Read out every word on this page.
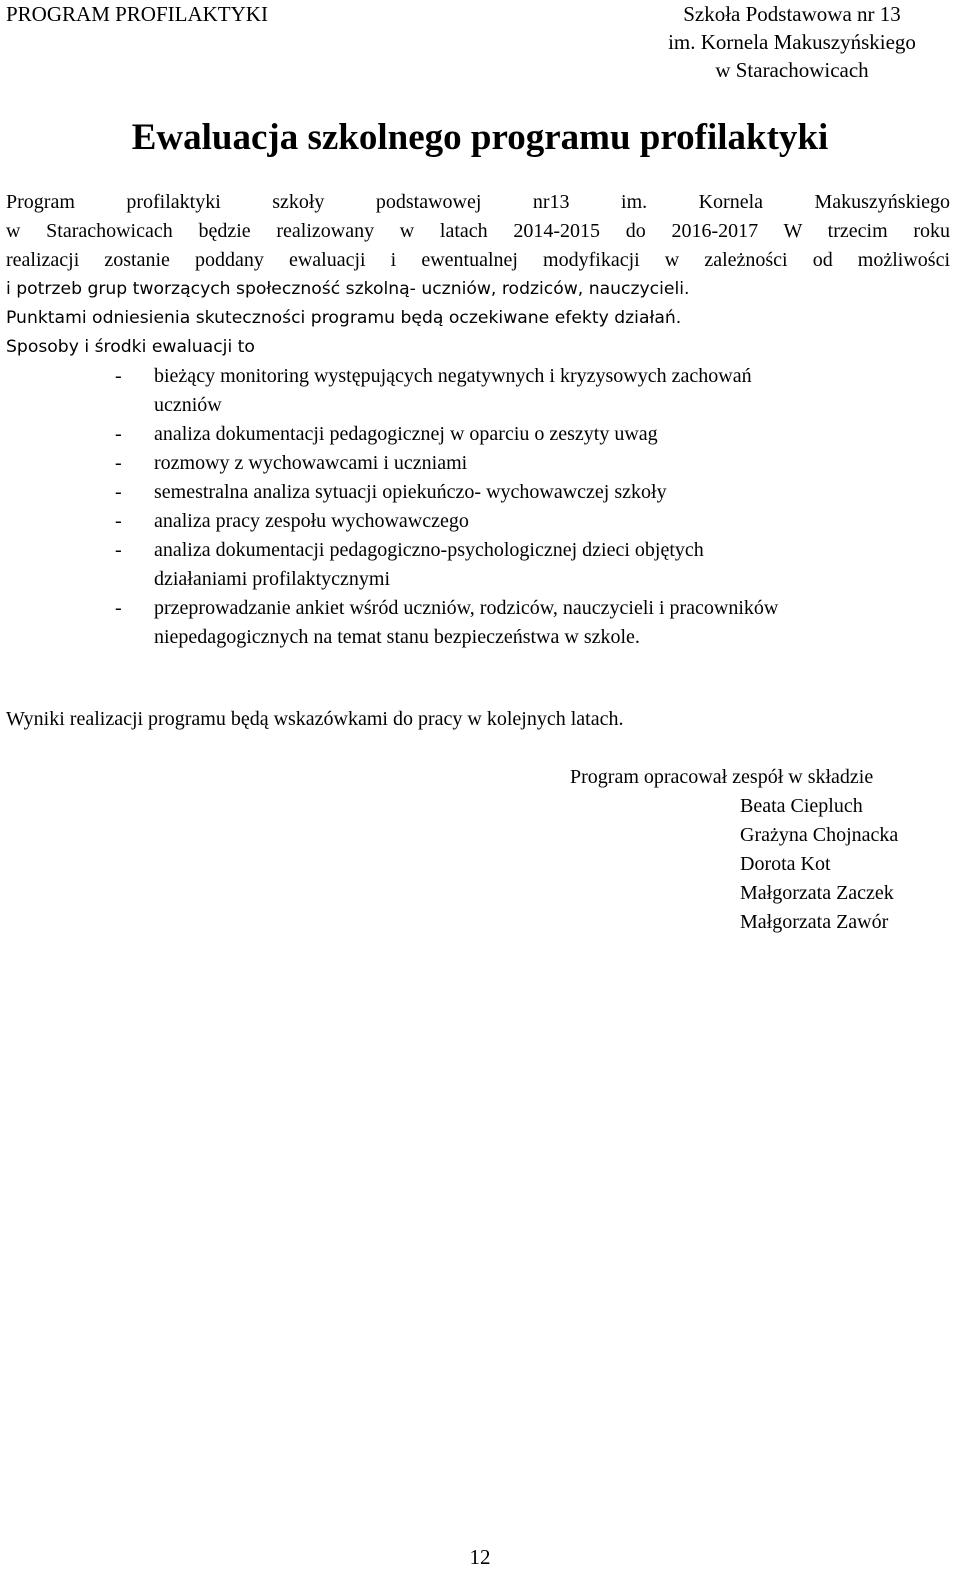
PROGRAM PROFILAKTYKI	Szkoła Podstawowa nr 13
im. Kornela Makuszyńskiego
w Starachowicach
Ewaluacja szkolnego programu profilaktyki
Program profilaktyki szkoły podstawowej nr13 im. Kornela Makuszyńskiego
w Starachowicach będzie realizowany w latach 2014-2015 do 2016-2017 W trzecim roku
realizacji zostanie poddany ewaluacji i ewentualnej modyfikacji w zależności od możliwości
i potrzeb grup tworzących społeczność szkolną- uczniów, rodziców, nauczycieli.
Punktami odniesienia skuteczności programu będą oczekiwane efekty działań.
Sposoby i środki ewaluacji to
- bieżący monitoring występujących negatywnych i kryzysowych zachowań
uczniów
- analiza dokumentacji pedagogicznej w oparciu o zeszyty uwag
- rozmowy z wychowawcami i uczniami
- semestralna analiza sytuacji opiekuńczo- wychowawczej szkoły
- analiza pracy zespołu wychowawczego
- analiza dokumentacji pedagogiczno-psychologicznej dzieci objętych
działaniami profilaktycznymi
- przeprowadzanie ankiet wśród uczniów, rodziców, nauczycieli i pracowników
niepedagogicznych na temat stanu bezpieczeństwa w szkole.

Wyniki realizacji programu będą wskazówkami do pracy w kolejnych latach.

Program opracował zespół w składzie
Beata Ciepluch
Grażyna Chojnacka
Dorota Kot
Małgorzata Zaczek
Małgorzata Zawór

12
